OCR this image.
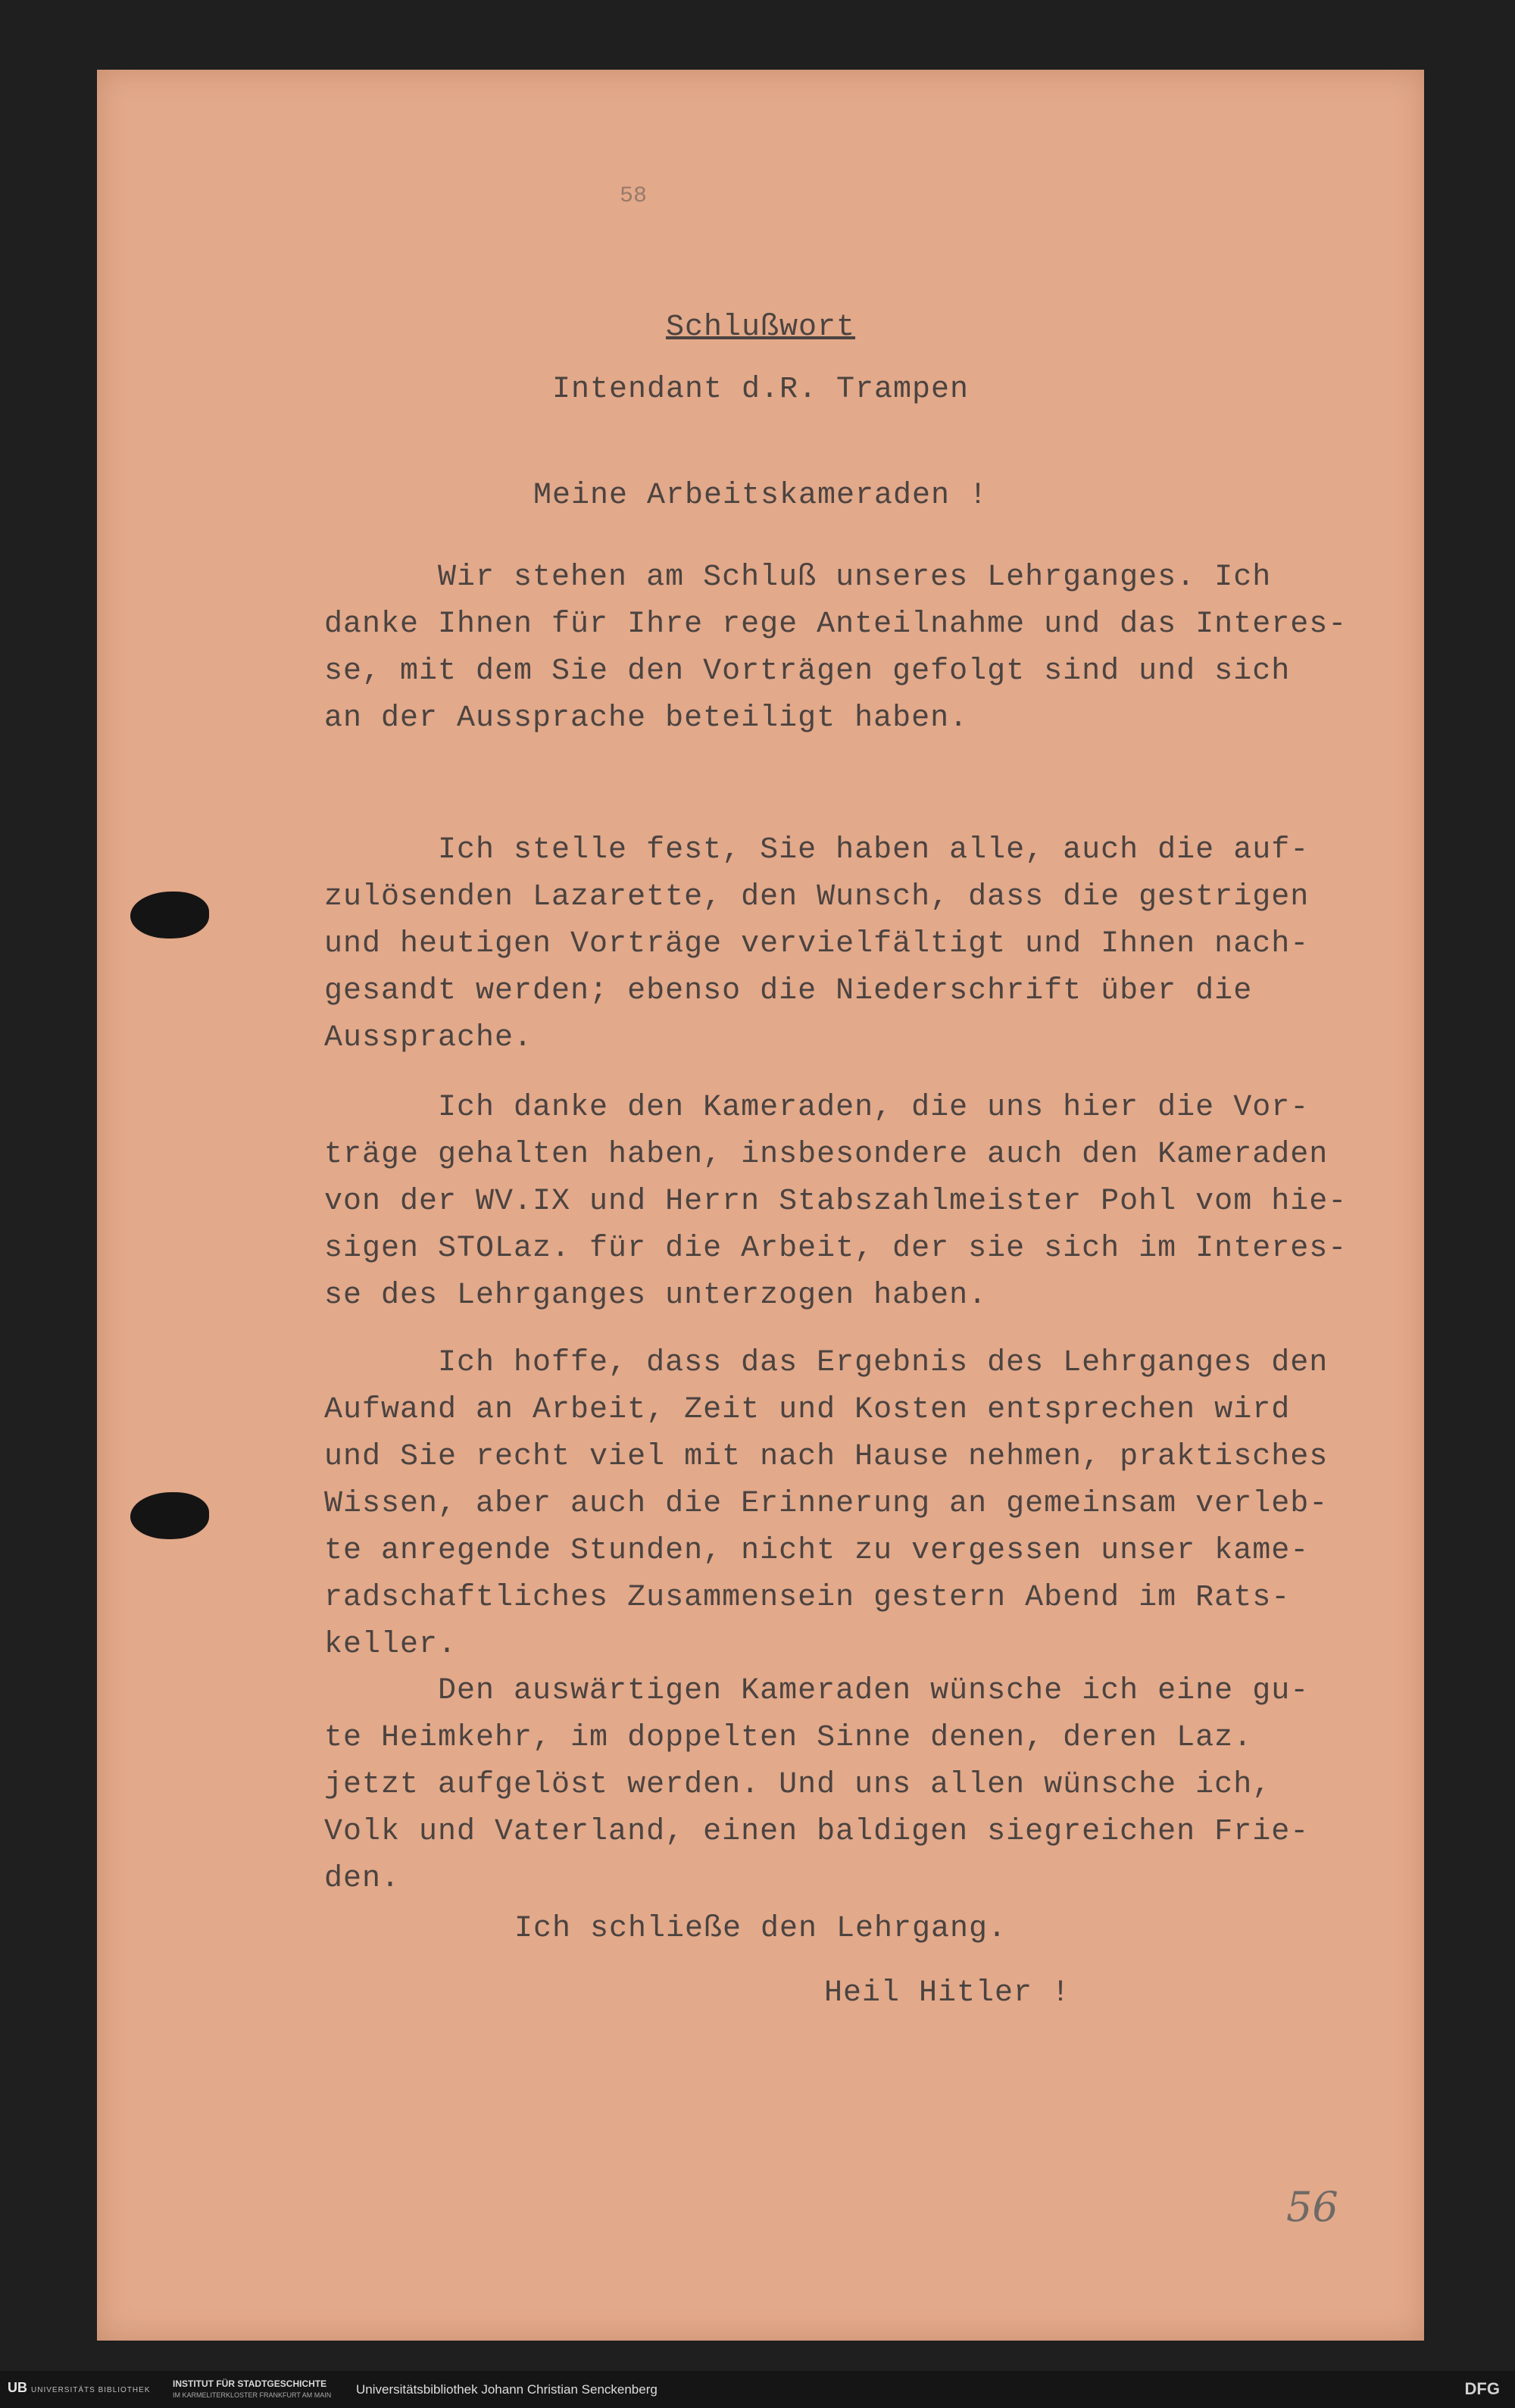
58
Schlußwort
Intendant d.R. Trampen
Meine Arbeitskameraden !

Wir stehen am Schluß unseres Lehrganges. Ich
danke Ihnen für Ihre rege Anteilnahme und das Interes-
se, mit dem Sie den Vorträgen gefolgt sind und sich
an der Aussprache beteiligt haben.

Ich stelle fest, Sie haben alle, auch die auf-
zulösenden Lazarette, den Wunsch, dass die gestrigen
und heutigen Vorträge vervielfältigt und Ihnen nach-
gesandt werden; ebenso die Niederschrift über die
Aussprache.

Ich danke den Kameraden, die uns hier die Vor-
träge gehalten haben, insbesondere auch den Kameraden
von der WV.IX und Herrn Stabszahlmeister Pohl vom hie-
sigen STOLaz. für die Arbeit, der sie sich im Interes-
se des Lehrganges unterzogen haben.

Ich hoffe, dass das Ergebnis des Lehrganges den
Aufwand an Arbeit, Zeit und Kosten entsprechen wird
und Sie recht viel mit nach Hause nehmen, praktisches
Wissen, aber auch die Erinnerung an gemeinsam verleb-
te anregende Stunden, nicht zu vergessen unser kame-
radschaftliches Zusammensein gestern Abend im Rats-
keller.

Den auswärtigen Kameraden wünsche ich eine gu-
te Heimkehr, im doppelten Sinne denen, deren Laz.
jetzt aufgelöst werden. Und uns allen wünsche ich,
Volk und Vaterland, einen baldigen siegreichen Frie-
den.

Ich schließe den Lehrgang.
Heil Hitler !
56
UB UNIVERSITÄTS BIBLIOTHEK
INSTITUT FÜR STADTGESCHICHTE
IM KARMELITERKLOSTER FRANKFURT AM MAIN Universitätsbibliothek Johann Christian Senckenberg	DFG
